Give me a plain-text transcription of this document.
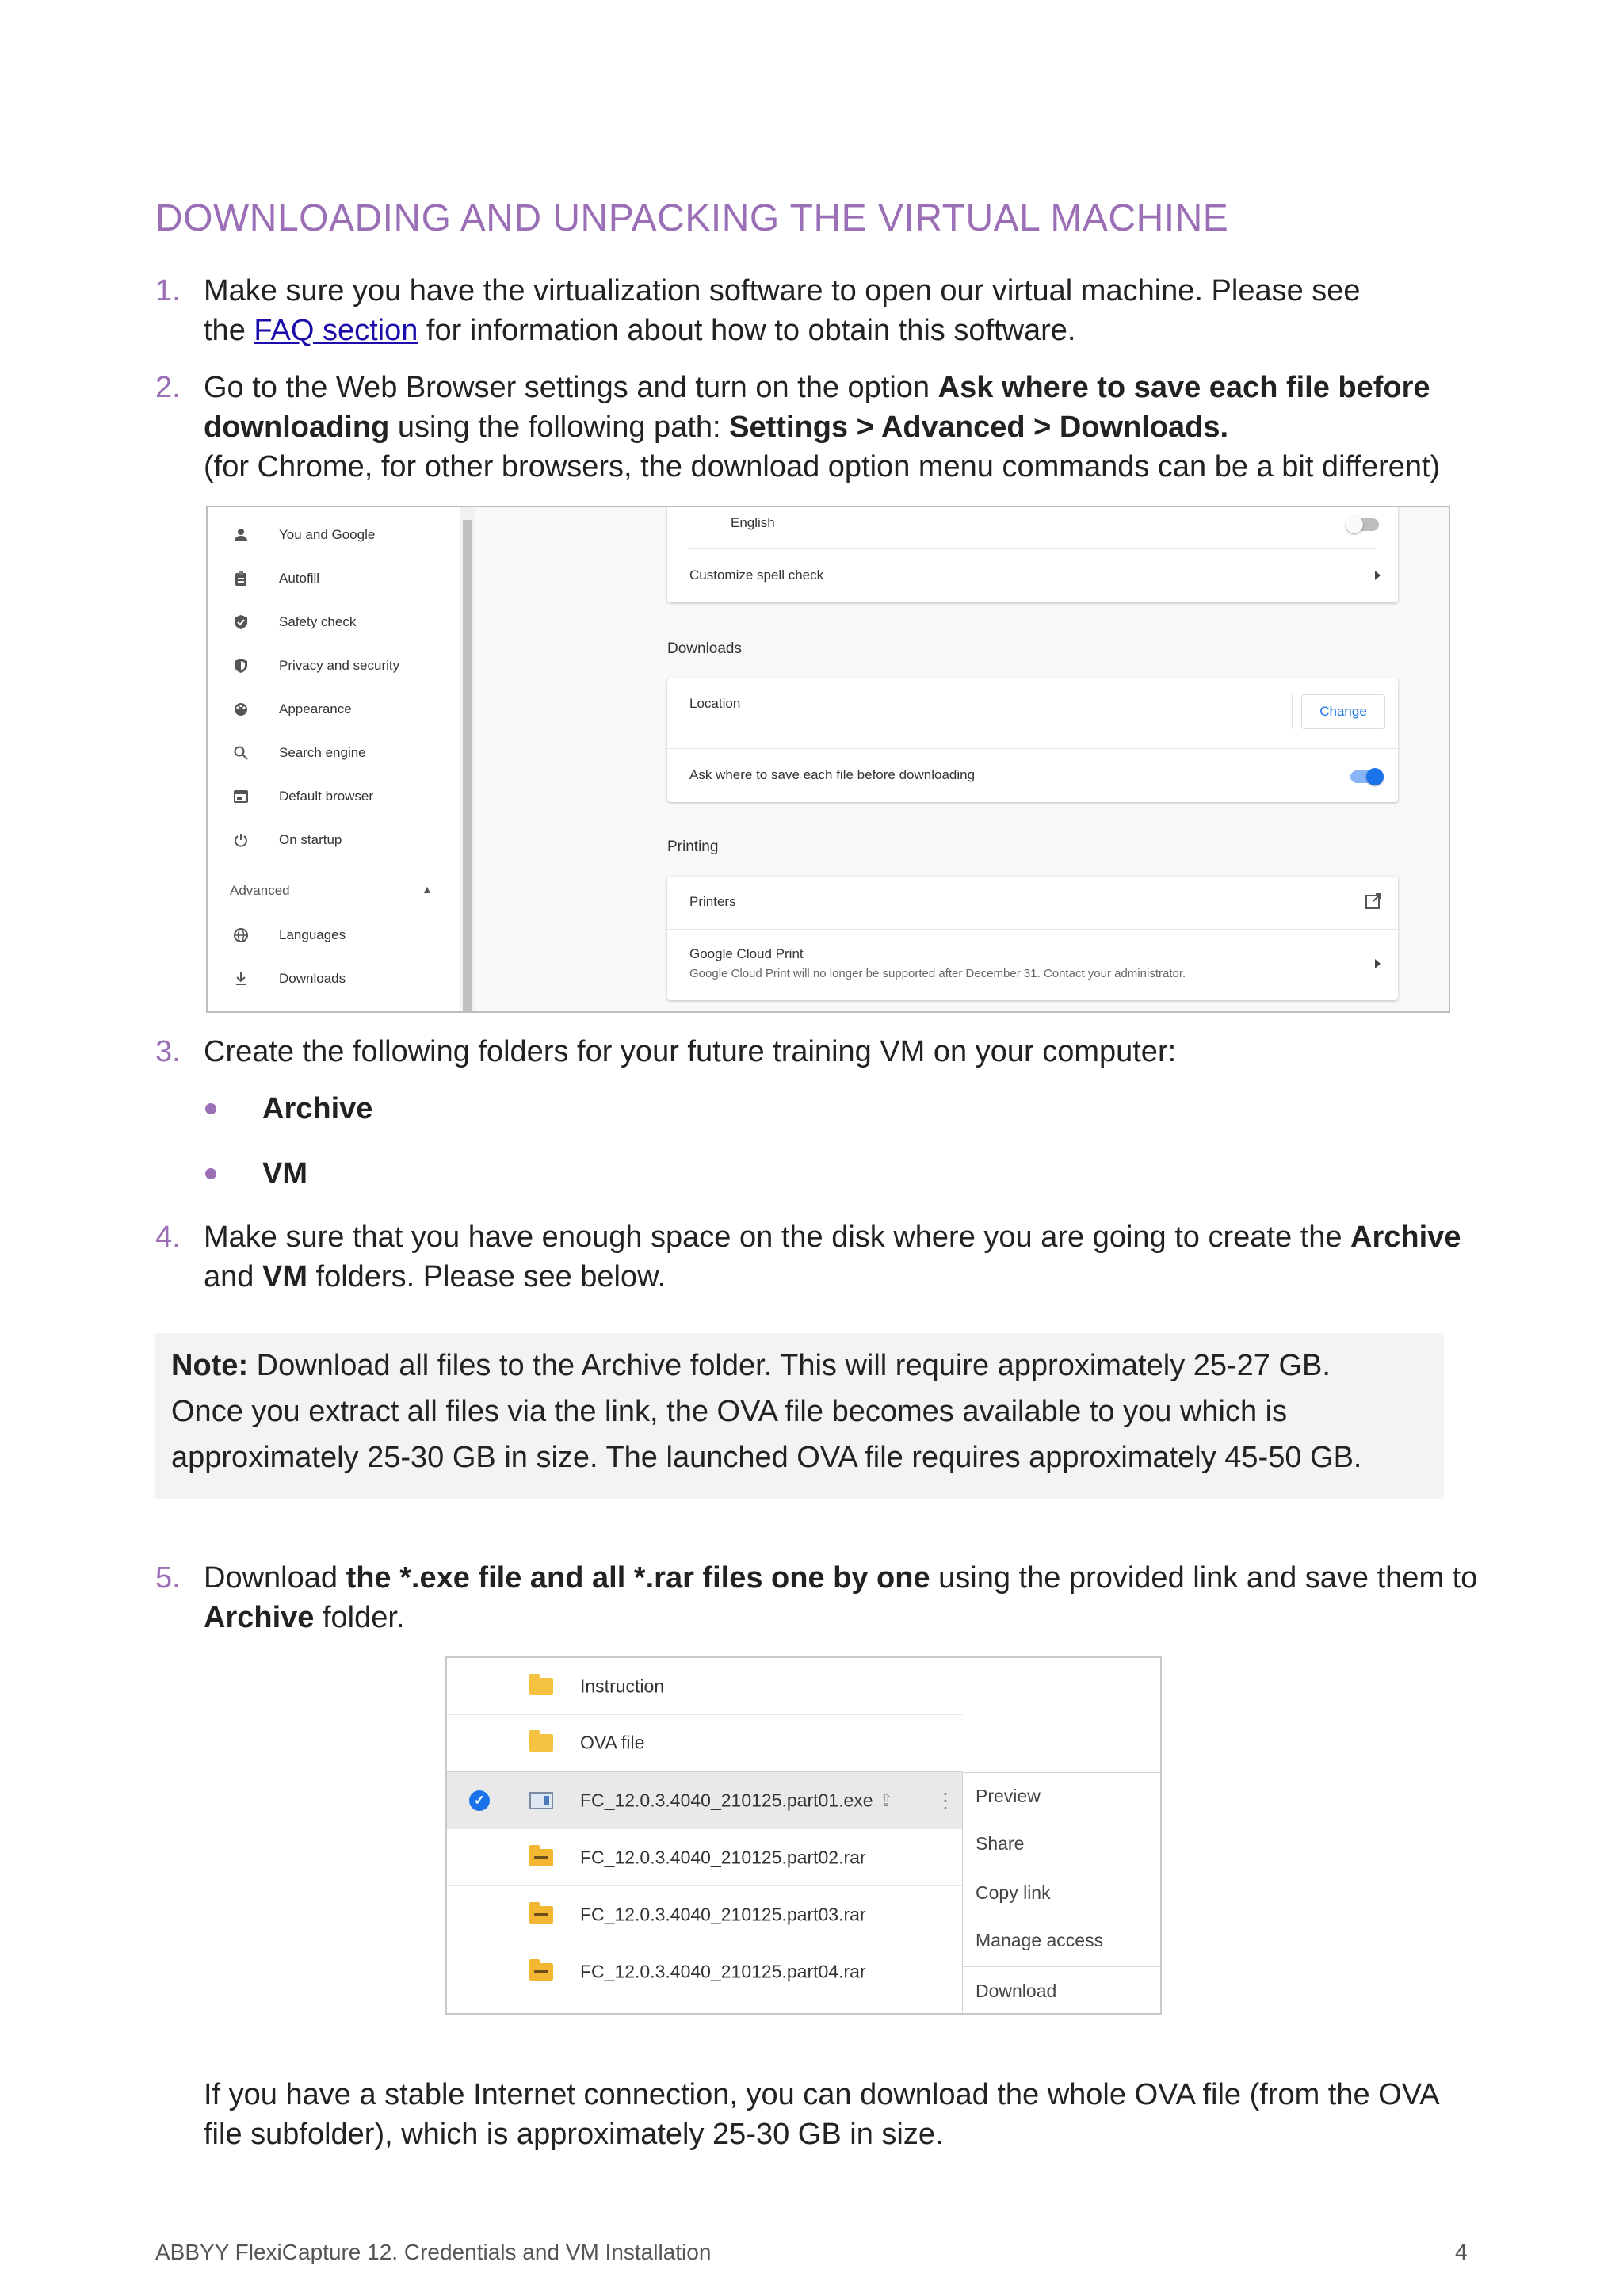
DOWNLOADING AND UNPACKING THE VIRTUAL MACHINE
1. Make sure you have the virtualization software to open our virtual machine. Please see
the FAQ section for information about how to obtain this software.
2. Go to the Web Browser settings and turn on the option Ask where to save each file before
downloading using the following path: Settings > Advanced > Downloads.
(for Chrome, for other browsers, the download option menu commands can be a bit different)
You and Google
Autofill
Safety check
Privacy and security
Appearance
Search engine
Default browser
On startup
Advanced	▲
Languages
Downloads
English
Customize spell check
Downloads
Location
Change
Ask where to save each file before downloading
Printing
Printers
Google Cloud Print
Google Cloud Print will no longer be supported after December 31. Contact your administrator.
3. Create the following folders for your future training VM on your computer:
Archive
VM
4. Make sure that you have enough space on the disk where you are going to create the Archive
and VM folders. Please see below.
Note: Download all files to the Archive folder. This will require approximately 25-27 GB.
Once you extract all files via the link, the OVA file becomes available to you which is
approximately 25-30 GB in size. The launched OVA file requires approximately 45-50 GB.
5. Download the *.exe file and all *.rar files one by one using the provided link and save them to
Archive folder.
Instruction
OVA file
✓	FC_12.0.3.4040_210125.part01.exe ⇪ ⋮
FC_12.0.3.4040_210125.part02.rar
FC_12.0.3.4040_210125.part03.rar
FC_12.0.3.4040_210125.part04.rar
Preview
Share
Copy link
Manage access
Download
If you have a stable Internet connection, you can download the whole OVA file (from the OVA
file subfolder), which is approximately 25-30 GB in size.
ABBYY FlexiCapture 12. Credentials and VM Installation	4
